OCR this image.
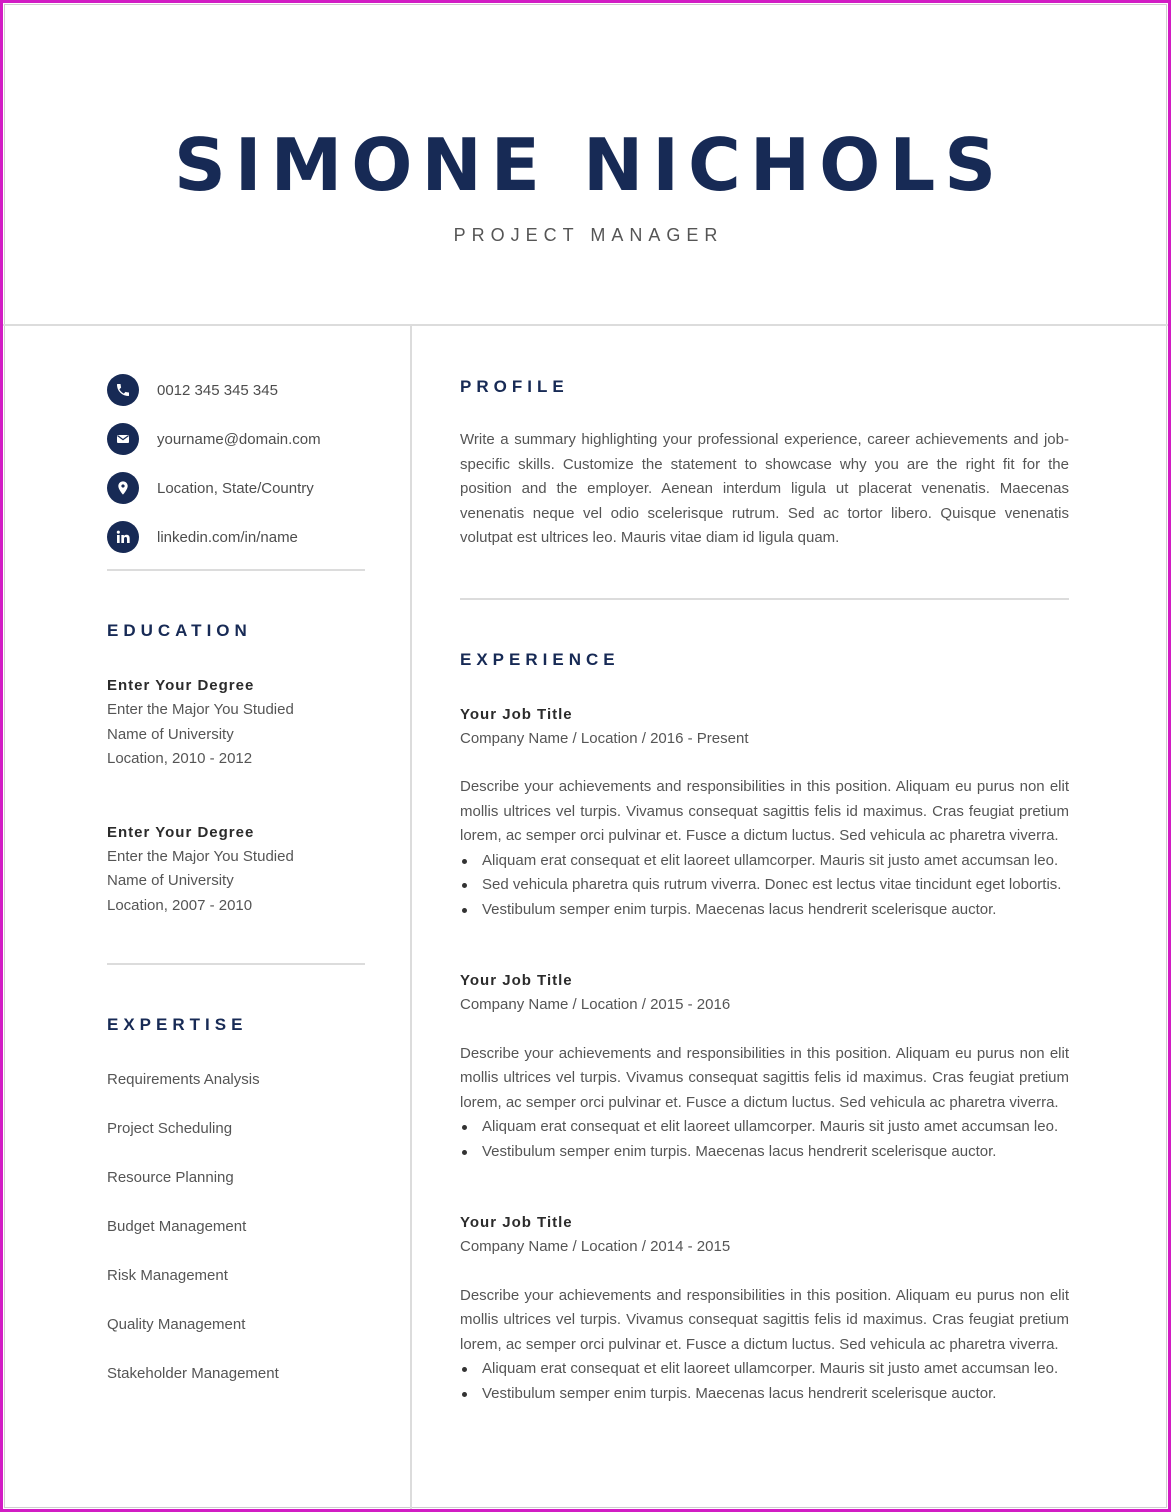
SIMONE NICHOLS
PROJECT MANAGER
0012 345 345 345
yourname@domain.com
Location, State/Country
linkedin.com/in/name
EDUCATION
Enter Your Degree
Enter the Major You Studied
Name of University
Location, 2010 - 2012
Enter Your Degree
Enter the Major You Studied
Name of University
Location, 2007 - 2010
EXPERTISE
Requirements Analysis
Project Scheduling
Resource Planning
Budget Management
Risk Management
Quality Management
Stakeholder Management
PROFILE
Write a summary highlighting your professional experience, career achievements and job-specific skills. Customize the statement to showcase why you are the right fit for the position and the employer. Aenean interdum ligula ut placerat venenatis. Maecenas venenatis neque vel odio scelerisque rutrum. Sed ac tortor libero. Quisque venenatis volutpat est ultrices leo. Mauris vitae diam id ligula quam.
EXPERIENCE
Your Job Title
Company Name / Location / 2016 - Present
Describe your achievements and responsibilities in this position. Aliquam eu purus non elit mollis ultrices vel turpis. Vivamus consequat sagittis felis id maximus. Cras feugiat pretium lorem, ac semper orci pulvinar et. Fusce a dictum luctus. Sed vehicula ac pharetra viverra.
Aliquam erat consequat et elit laoreet ullamcorper. Mauris sit justo amet accumsan leo.
Sed vehicula pharetra quis rutrum viverra. Donec est lectus vitae tincidunt eget lobortis.
Vestibulum semper enim turpis. Maecenas lacus hendrerit scelerisque auctor.
Your Job Title
Company Name / Location / 2015 - 2016
Describe your achievements and responsibilities in this position. Aliquam eu purus non elit mollis ultrices vel turpis. Vivamus consequat sagittis felis id maximus. Cras feugiat pretium lorem, ac semper orci pulvinar et. Fusce a dictum luctus. Sed vehicula ac pharetra viverra.
Aliquam erat consequat et elit laoreet ullamcorper. Mauris sit justo amet accumsan leo.
Vestibulum semper enim turpis. Maecenas lacus hendrerit scelerisque auctor.
Your Job Title
Company Name / Location / 2014 - 2015
Describe your achievements and responsibilities in this position. Aliquam eu purus non elit mollis ultrices vel turpis. Vivamus consequat sagittis felis id maximus. Cras feugiat pretium lorem, ac semper orci pulvinar et. Fusce a dictum luctus. Sed vehicula ac pharetra viverra.
Aliquam erat consequat et elit laoreet ullamcorper. Mauris sit justo amet accumsan leo.
Vestibulum semper enim turpis. Maecenas lacus hendrerit scelerisque auctor.
